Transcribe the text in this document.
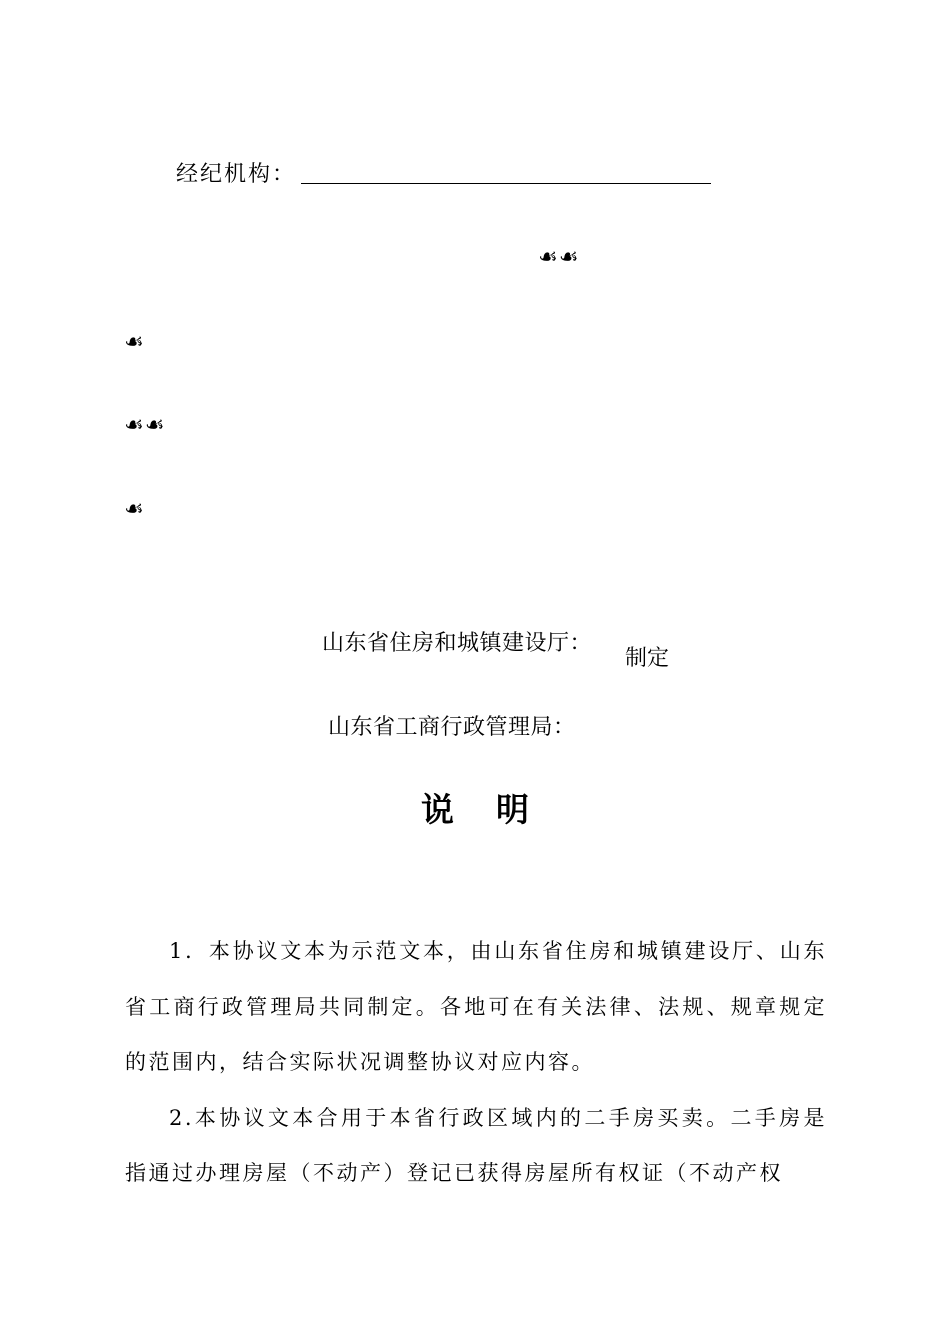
经纪机构：
☙☙
☙
☙☙
☙
山东省住房和城镇建设厅：
制定
山东省工商行政管理局：
说明

1．本协议文本为示范文本，由山东省住房和城镇建设厅、山东省工商行政管理局共同制定。各地可在有关法律、法规、规章规定的范围内，结合实际状况调整协议对应内容。

2.本协议文本合用于本省行政区域内的二手房买卖。二手房是指通过办理房屋（不动产）登记已获得房屋所有权证（不动产权
